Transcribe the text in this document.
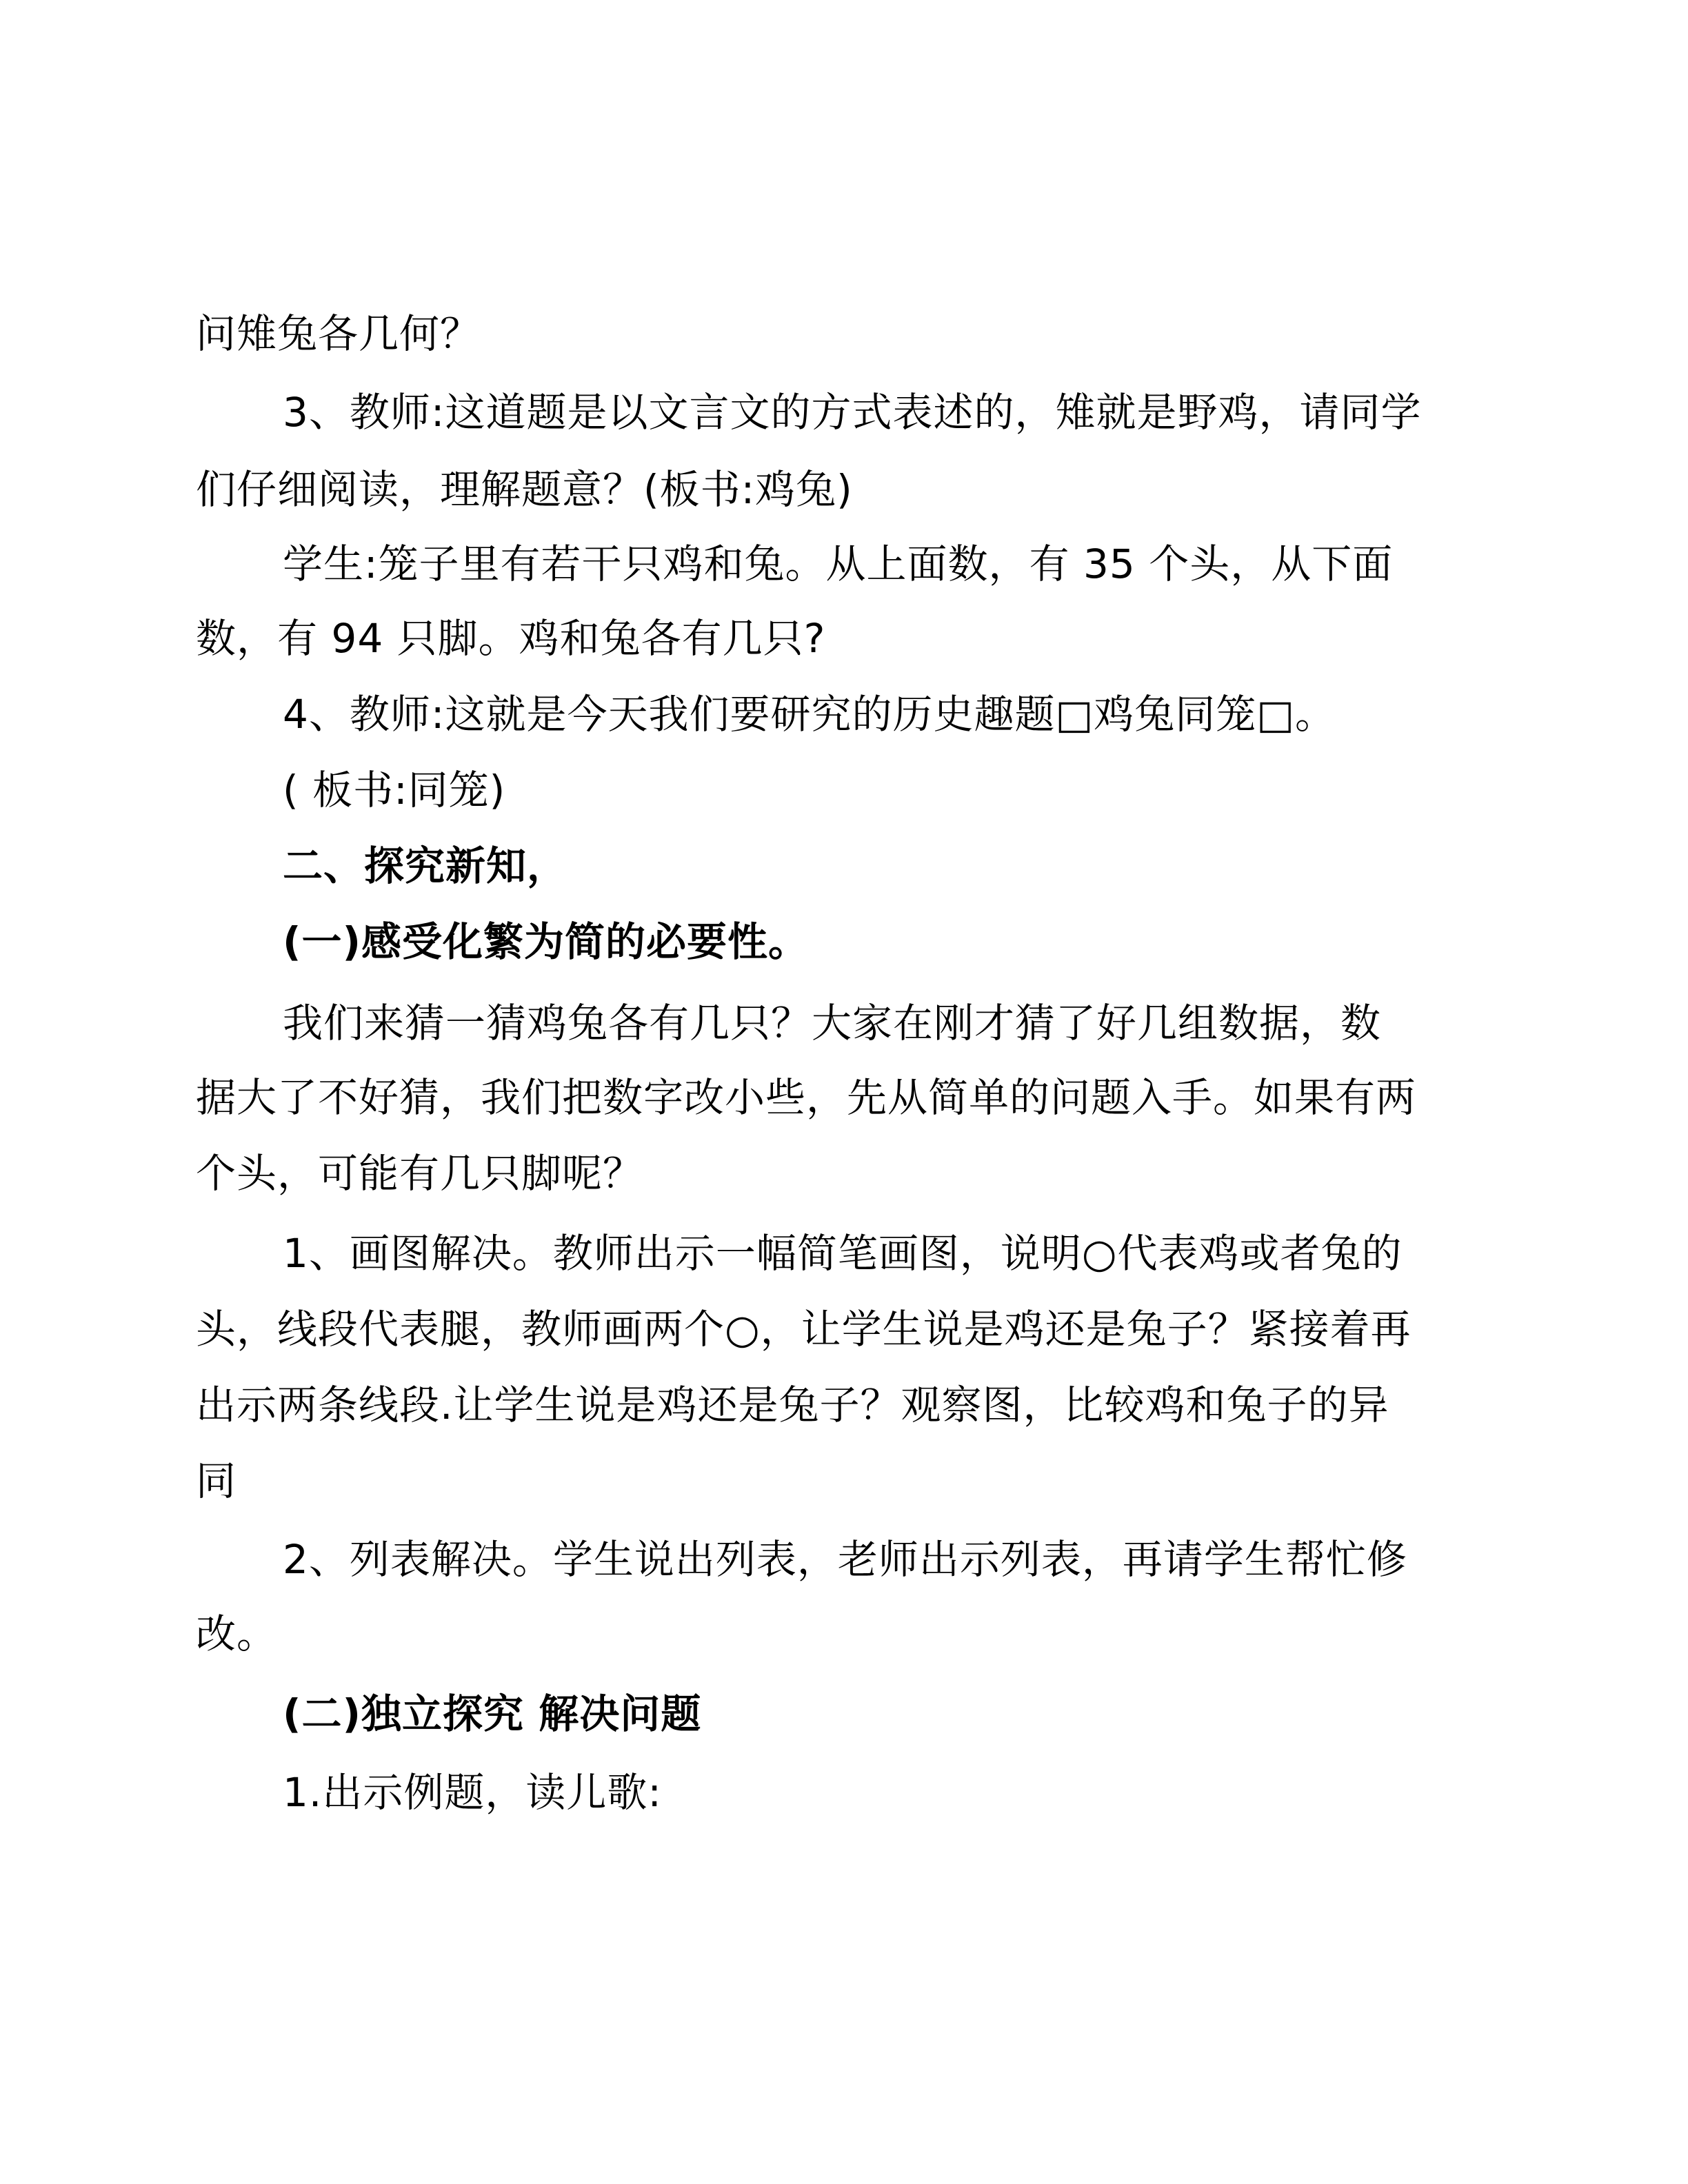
问雉兔各几何？
3、教师:这道题是以文言文的方式表述的，雉就是野鸡，请同学
们仔细阅读，理解题意？(板书:鸡兔)
学生:笼子里有若干只鸡和兔。从上面数，有 35 个头，从下面
数，有 94 只脚。鸡和兔各有几只?
4、教师:这就是今天我们要研究的历史趣题□鸡兔同笼□。
( 板书:同笼)
二、探究新知，
(一)感受化繁为简的必要性。
我们来猜一猜鸡兔各有几只？大家在刚才猜了好几组数据，数
据大了不好猜，我们把数字改小些，先从简单的问题入手。如果有两
个头，可能有几只脚呢？
1、画图解决。教师出示一幅简笔画图，说明○代表鸡或者兔的
头，线段代表腿，教师画两个○，让学生说是鸡还是兔子？紧接着再
出示两条线段.让学生说是鸡还是兔子？观察图，比较鸡和兔子的异
同
2、列表解决。学生说出列表，老师出示列表，再请学生帮忙修
改。
(二)独立探究 解决问题
1.出示例题，读儿歌:
